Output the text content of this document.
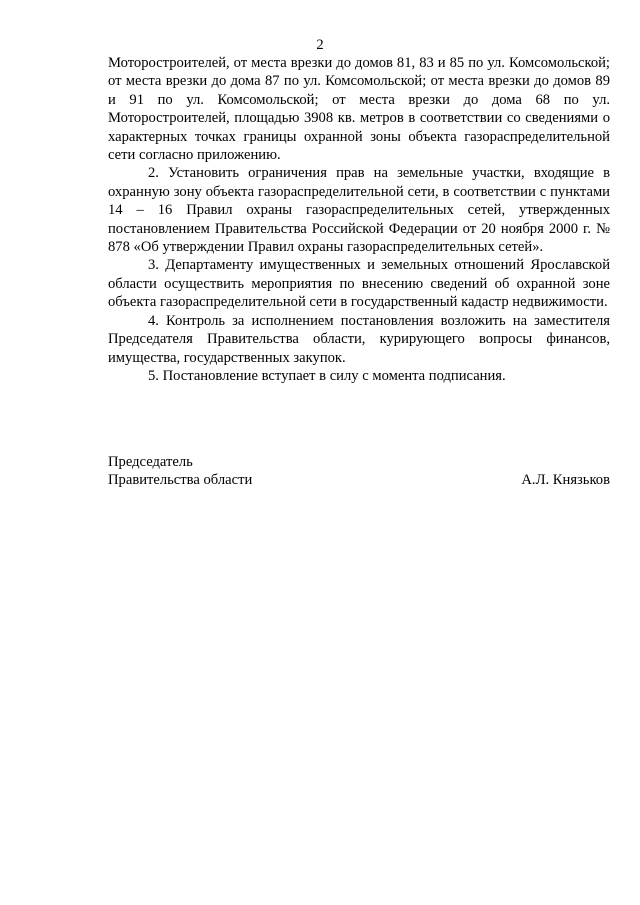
2

Моторостроителей, от места врезки до домов 81, 83 и 85 по ул. Комсомольской; от места врезки до дома 87 по ул. Комсомольской; от места врезки до домов 89 и 91 по ул. Комсомольской; от места врезки до дома 68 по ул. Моторостроителей, площадью 3908 кв. метров в соответствии со сведениями о характерных точках границы охранной зоны объекта газораспределительной сети согласно приложению.

2. Установить ограничения прав на земельные участки, входящие в охранную зону объекта газораспределительной сети, в соответствии с пунктами 14 – 16 Правил охраны газораспределительных сетей, утвержденных постановлением Правительства Российской Федерации от 20 ноября 2000 г. № 878 «Об утверждении Правил охраны газораспределительных сетей».

3. Департаменту имущественных и земельных отношений Ярославской области осуществить мероприятия по внесению сведений об охранной зоне объекта газораспределительной сети в государственный кадастр недвижимости.

4. Контроль за исполнением постановления возложить на заместителя Председателя Правительства области, курирующего вопросы финансов, имущества, государственных закупок.

5. Постановление вступает в силу с момента подписания.

Председатель
Правительства области	А.Л. Князьков
